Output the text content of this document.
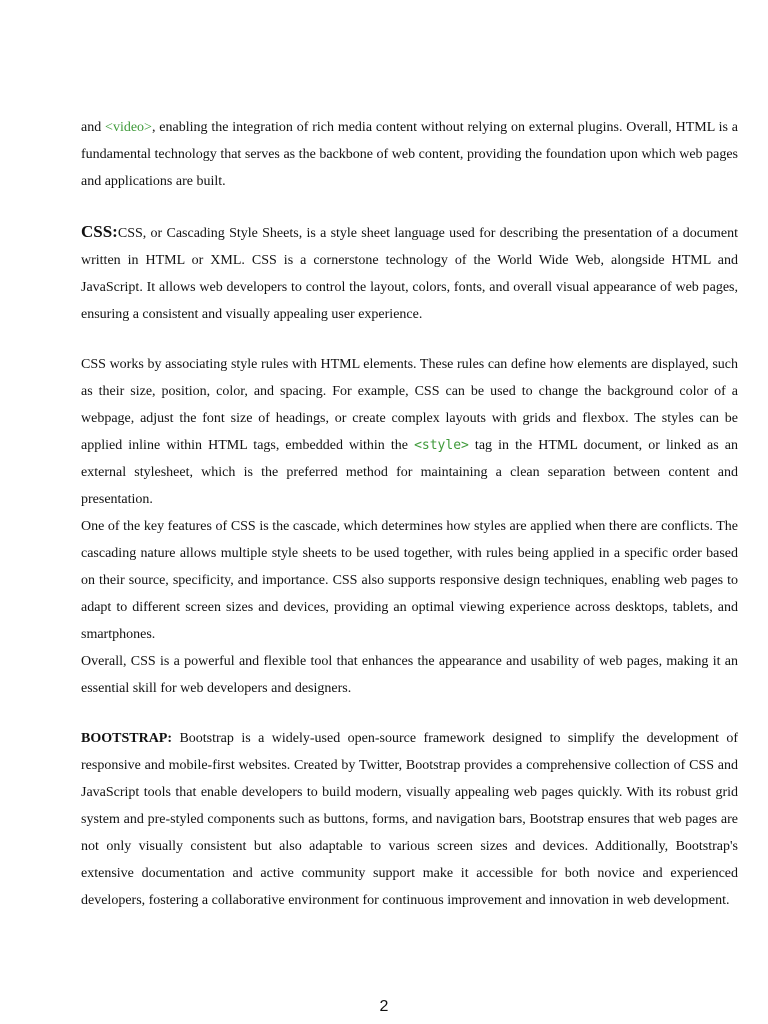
and <video>, enabling the integration of rich media content without relying on external plugins. Overall, HTML is a fundamental technology that serves as the backbone of web content, providing the foundation upon which web pages and applications are built.

CSS:CSS, or Cascading Style Sheets, is a style sheet language used for describing the presentation of a document written in HTML or XML. CSS is a cornerstone technology of the World Wide Web, alongside HTML and JavaScript. It allows web developers to control the layout, colors, fonts, and overall visual appearance of web pages, ensuring a consistent and visually appealing user experience.

CSS works by associating style rules with HTML elements. These rules can define how elements are displayed, such as their size, position, color, and spacing. For example, CSS can be used to change the background color of a webpage, adjust the font size of headings, or create complex layouts with grids and flexbox. The styles can be applied inline within HTML tags, embedded within the <style> tag in the HTML document, or linked as an external stylesheet, which is the preferred method for maintaining a clean separation between content and presentation.

One of the key features of CSS is the cascade, which determines how styles are applied when there are conflicts. The cascading nature allows multiple style sheets to be used together, with rules being applied in a specific order based on their source, specificity, and importance. CSS also supports responsive design techniques, enabling web pages to adapt to different screen sizes and devices, providing an optimal viewing experience across desktops, tablets, and smartphones.

Overall, CSS is a powerful and flexible tool that enhances the appearance and usability of web pages, making it an essential skill for web developers and designers.

BOOTSTRAP: Bootstrap is a widely-used open-source framework designed to simplify the development of responsive and mobile-first websites. Created by Twitter, Bootstrap provides a comprehensive collection of CSS and JavaScript tools that enable developers to build modern, visually appealing web pages quickly. With its robust grid system and pre-styled components such as buttons, forms, and navigation bars, Bootstrap ensures that web pages are not only visually consistent but also adaptable to various screen sizes and devices. Additionally, Bootstrap's extensive documentation and active community support make it accessible for both novice and experienced developers, fostering a collaborative environment for continuous improvement and innovation in web development.

2
